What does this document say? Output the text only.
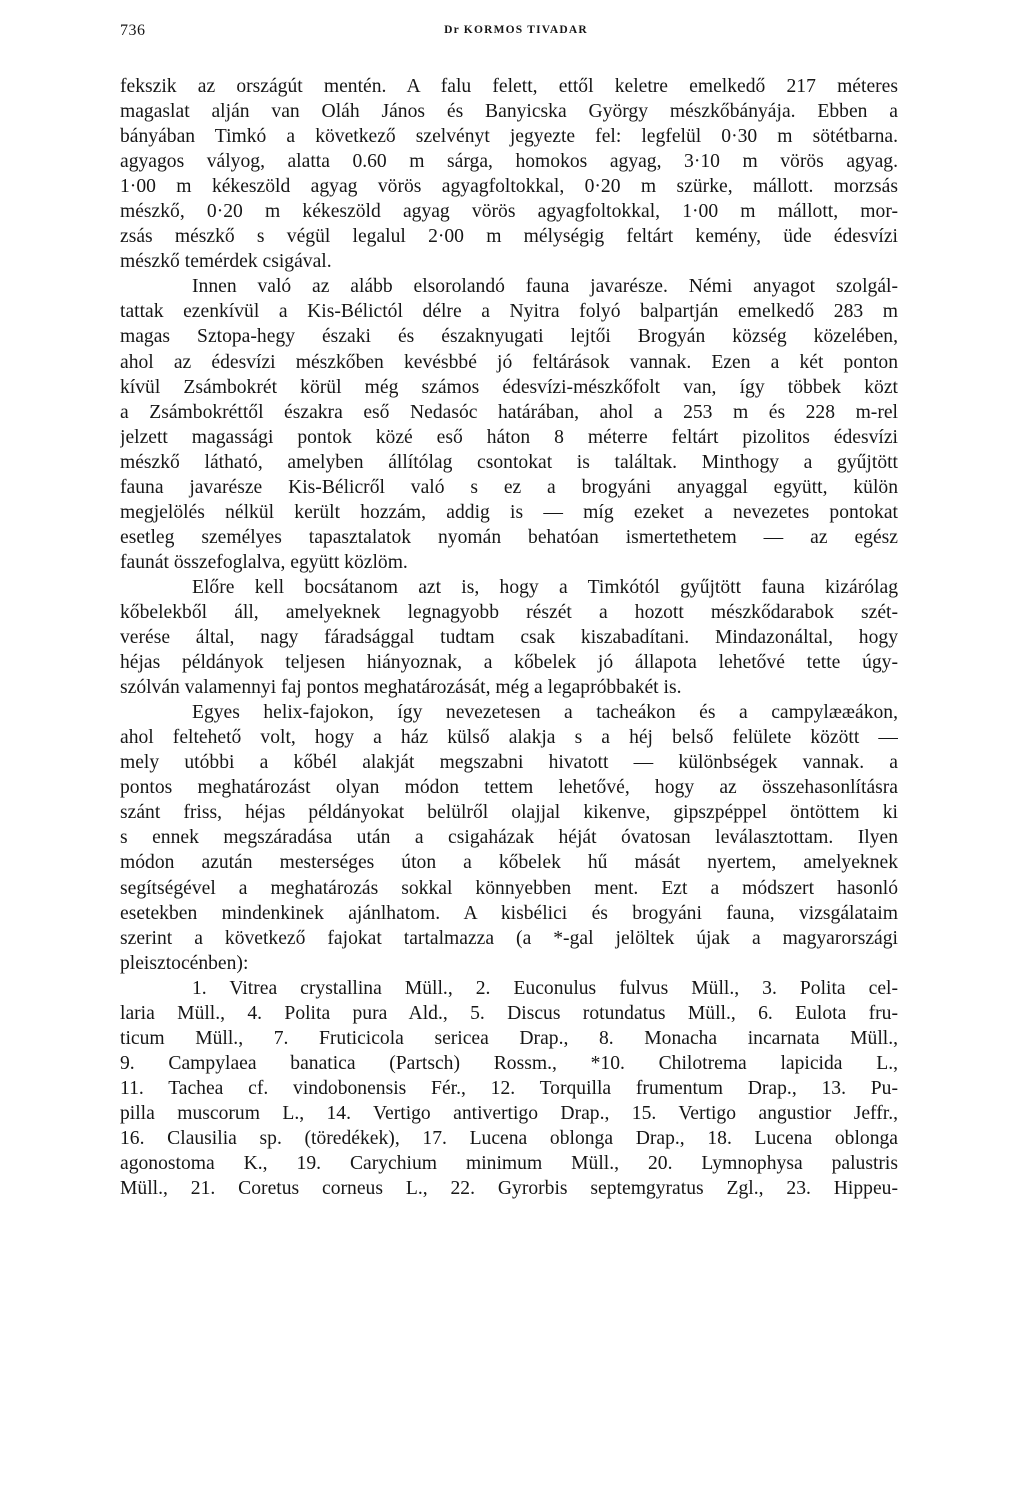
736	Dr KORMOS TIVADAR
fekszik az országút mentén. A falu felett, ettől keletre emelkedő 217 méteres
magaslat alján van Oláh János és Banyicska György mészkőbányája. Ebben a
bányában Timkó a következő szelvényt jegyezte fel: legfelül 0·30 m sötétbarna.
agyagos vályog, alatta 0.60 m sárga, homokos agyag, 3·10 m vörös agyag.
1·00 m kékeszöld agyag vörös agyagfoltokkal, 0·20 m szürke, mállott. morzsás
mészkő, 0·20 m kékeszöld agyag vörös agyagfoltokkal, 1·00 m mállott, mor-
zsás mészkő s végül legalul 2·00 m mélységig feltárt kemény, üde édesvízi
mészkő temérdek csigával.
Innen való az alább elsorolandó fauna javarésze. Némi anyagot szolgál-
tattak ezenkívül a Kis-Bélictól délre a Nyitra folyó balpartján emelkedő 283 m
magas Sztopa-hegy északi és északnyugati lejtői Brogyán község közelében,
ahol az édesvízi mészkőben kevésbbé jó feltárások vannak. Ezen a két ponton
kívül Zsámbokrét körül még számos édesvízi-mészkőfolt van, így többek közt
a Zsámbokréttől északra eső Nedasóc határában, ahol a 253 m és 228 m-rel
jelzett magassági pontok közé eső háton 8 méterre feltárt pizolitos édesvízi
mészkő látható, amelyben állítólag csontokat is találtak. Minthogy a gyűjtött
fauna javarésze Kis-Bélicről való s ez a brogyáni anyaggal együtt, külön
megjelölés nélkül került hozzám, addig is — míg ezeket a nevezetes pontokat
esetleg személyes tapasztalatok nyomán behatóan ismertethetem — az egész
faunát összefoglalva, együtt közlöm.
Előre kell bocsátanom azt is, hogy a Timkótól gyűjtött fauna kizárólag
kőbelekből áll, amelyeknek legnagyobb részét a hozott mészkődarabok szét-
verése által, nagy fáradsággal tudtam csak kiszabadítani. Mindazonáltal, hogy
héjas példányok teljesen hiányoznak, a kőbelek jó állapota lehetővé tette úgy-
szólván valamennyi faj pontos meghatározását, még a legapróbbakét is.
Egyes helix-fajokon, így nevezetesen a tacheákon és a campylææákon,
ahol feltehető volt, hogy a ház külső alakja s a héj belső felülete között —
mely utóbbi a kőbél alakját megszabni hivatott — különbségek vannak. a
pontos meghatározást olyan módon tettem lehetővé, hogy az összehasonlításra
szánt friss, héjas példányokat belülről olajjal kikenve, gipszpéppel öntöttem ki
s ennek megszáradása után a csigaházak héját óvatosan leválasztottam. Ilyen
módon azután mesterséges úton a kőbelek hű mását nyertem, amelyeknek
segítségével a meghatározás sokkal könnyebben ment. Ezt a módszert hasonló
esetekben mindenkinek ajánlhatom. A kisbélici és brogyáni fauna, vizsgálataim
szerint a következő fajokat tartalmazza (a *-gal jelöltek újak a magyarországi
pleisztocénben):
1. Vitrea crystallina Müll., 2. Euconulus fulvus Müll., 3. Polita cel-
laria Müll., 4. Polita pura Ald., 5. Discus rotundatus Müll., 6. Eulota fru-
ticum Müll., 7. Fruticicola sericea Drap., 8. Monacha incarnata Müll.,
9. Campylaea banatica (Partsch) Rossm., *10. Chilotrema lapicida L.,
11. Tachea cf. vindobonensis Fér., 12. Torquilla frumentum Drap., 13. Pu-
pilla muscorum L., 14. Vertigo antivertigo Drap., 15. Vertigo angustior Jeffr.,
16. Clausilia sp. (töredékek), 17. Lucena oblonga Drap., 18. Lucena oblonga
agonostoma K., 19. Carychium minimum Müll., 20. Lymnophysa palustris
Müll., 21. Coretus corneus L., 22. Gyrorbis septemgyratus Zgl., 23. Hippeu-
